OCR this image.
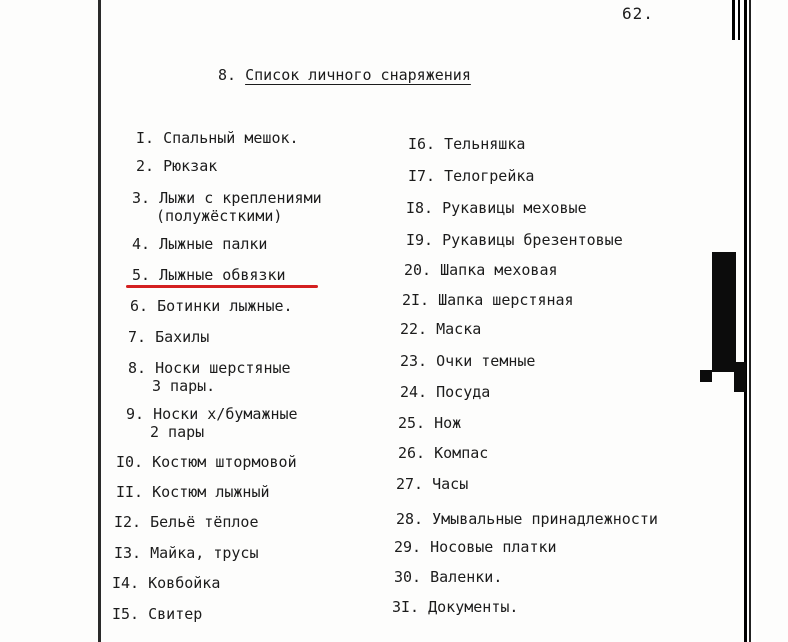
62.
8. Список личного снаряжения
I. Спальный мешок.
2. Рюкзак
3. Лыжи с креплениями
(полужёсткими)
4. Лыжные палки
5. Лыжные обвязки
6. Ботинки лыжные.
7. Бахилы
8. Носки шерстяные
3 пары.
9. Носки х/бумажные
2 пары
I0. Костюм штормовой
II. Костюм лыжный
I2. Бельё тёплое
I3. Майка, трусы
I4. Ковбойка
I5. Свитер
I6. Тельняшка
I7. Телогрейка
I8. Рукавицы меховые
I9. Рукавицы брезентовые
20. Шапка меховая
2I. Шапка шерстяная
22. Маска
23. Очки темные
24. Посуда
25. Нож
26. Компас
27. Часы
28. Умывальные принадлежности
29. Носовые платки
30. Валенки.
3I. Документы.
